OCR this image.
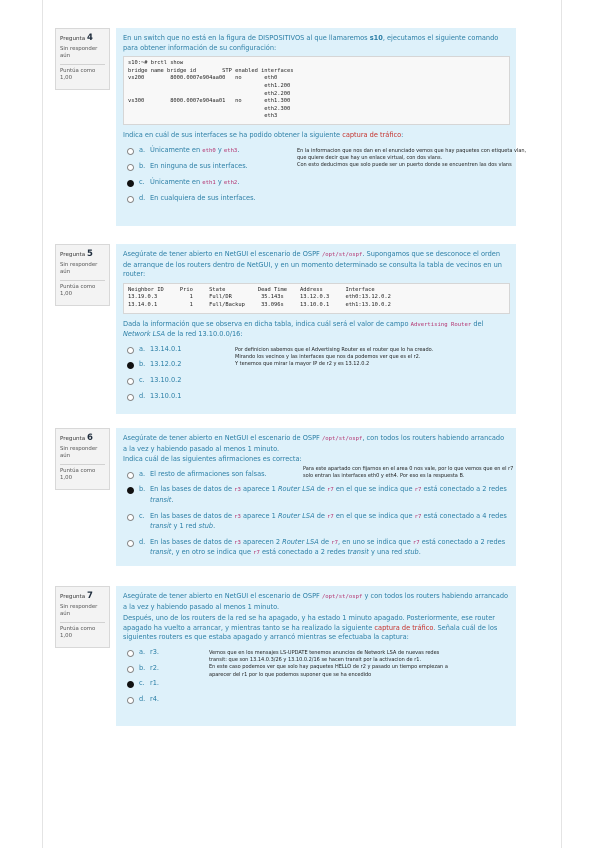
Pregunta 4
Sin responder aún
Puntúa como 1,00
En un switch que no está en la figura de DISPOSITIVOS al que llamaremos s10, ejecutamos el siguiente comando para obtener información de su configuración:
s10:~# brctl show
bridge name bridge id        STP enabled interfaces
vs200        8000.0007e904aa00   no       eth0
eth1.200
eth2.200
vs300        8000.0007e904aa01   no       eth1.300
eth2.300
eth3
Indica en cuál de sus interfaces se ha podido obtener la siguiente captura de tráfico:
a. Únicamente en eth0 y eth3.
b. En ninguna de sus interfaces.
c. Únicamente en eth1 y eth2.
d. En cualquiera de sus interfaces.
En la informacion que nos dan en el enunciado vemos que hay paquetes con etiqueta vlan, que quiere decir que hay un enlace virtual, con dos vlans.
Con esto deducimos que solo puede ser un puerto donde se encuentren las dos vlans
Pregunta 5
Sin responder aún
Puntúa como 1,00
Asegúrate de tener abierto en NetGUI el escenario de OSPF /opt/st/ospf. Supongamos que se desconoce el orden de arranque de los routers dentro de NetGUI, y en un momento determinado se consulta la tabla de vecinos en un router:
Neighbor ID     Prio     State          Dead Time    Address       Interface
13.19.0.3          1     Full/DR         35.143s     13.12.0.3     eth0:13.12.0.2
13.14.0.1          1     Full/Backup     33.096s     13.10.0.1     eth1:13.10.0.2
Dada la información que se observa en dicha tabla, indica cuál será el valor de campo Advertising Router del Network LSA de la red 13.10.0.0/16:
a. 13.14.0.1
b. 13.12.0.2
c. 13.10.0.2
d. 13.10.0.1
Por definicion sabemos que el Advertising Router es el router que lo ha creado.
Mirando los vecinos y las interfaces que nos da podemos ver que es el r2.
Y tenemos que mirar la mayor IP de r2 y es 13.12.0.2
Pregunta 6
Sin responder aún
Puntúa como 1,00
Asegúrate de tener abierto en NetGUI el escenario de OSPF /opt/st/ospf, con todos los routers habiendo arrancado a la vez y habiendo pasado al menos 1 minuto.
Indica cuál de las siguientes afirmaciones es correcta:
a. El resto de afirmaciones son falsas.
b. En las bases de datos de r3 aparece 1 Router LSA de r7 en el que se indica que r7 está conectado a 2 redes transit.
c. En las bases de datos de r3 aparece 1 Router LSA de r7 en el que se indica que r7 está conectado a 4 redes transit y 1 red stub.
d. En las bases de datos de r3 aparecen 2 Router LSA de r7, en uno se indica que r7 está conectado a 2 redes transit, y en otro se indica que r7 está conectado a 2 redes transit y una red stub.
Para este apartado con fijarnos en el area 0 nos vale, por lo que vemos que en el r7 solo entran las interfaces eth0 y eth4. Por eso es la respuesta B.
Pregunta 7
Sin responder aún
Puntúa como 1,00
Asegúrate de tener abierto en NetGUI el escenario de OSPF /opt/st/ospf y con todos los routers habiendo arrancado a la vez y habiendo pasado al menos 1 minuto.
Después, uno de los routers de la red se ha apagado, y ha estado 1 minuto apagado. Posteriormente, ese router apagado ha vuelto a arrancar, y mientras tanto se ha realizado la siguiente captura de tráfico. Señala cuál de los siguientes routers es que estaba apagado y arrancó mientras se efectuaba la captura:
a. r3.
b. r2.
c. r1.
d. r4.
Vemos que en los mensajes LS-UPDATE tenemos anuncios de Network LSA de nuevas redes transit: que son 13.14.0.3/26 y 13.10.0.2/16 se hacen transit por la activacion de r1.
En este caso podemos ver que solo hay paquetes HELLO de r2 y pasado un tiempo empiezan a aparecer del r1 por lo que podemos suponer que se ha encedido
